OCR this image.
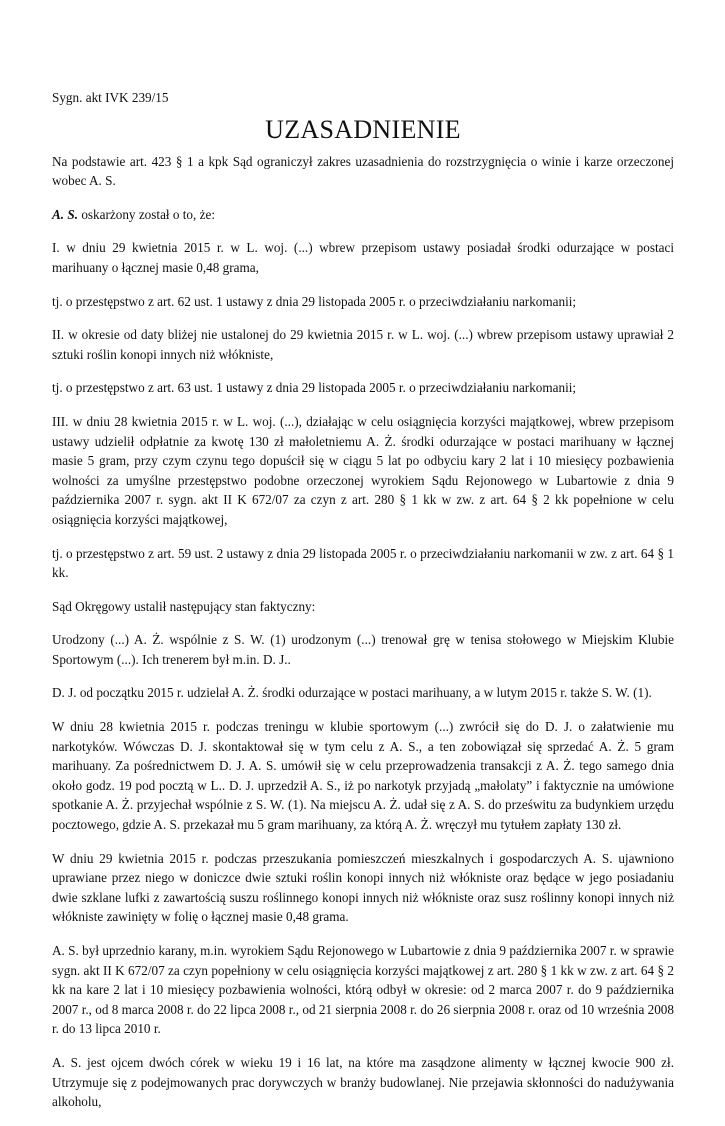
Sygn. akt IVK 239/15
UZASADNIENIE

Na podstawie art. 423 § 1 a kpk Sąd ograniczył zakres uzasadnienia do rozstrzygnięcia o winie i karze orzeczonej wobec A. S.

A. S. oskarżony został o to, że:

I. w dniu 29 kwietnia 2015 r. w L. woj. (...) wbrew przepisom ustawy posiadał środki odurzające w postaci marihuany o łącznej masie 0,48 grama,

tj. o przestępstwo z art. 62 ust. 1 ustawy z dnia 29 listopada 2005 r. o przeciwdziałaniu narkomanii;

II. w okresie od daty bliżej nie ustalonej do 29 kwietnia 2015 r. w L. woj. (...) wbrew przepisom ustawy uprawiał 2 sztuki roślin konopi innych niż włókniste,

tj. o przestępstwo z art. 63 ust. 1 ustawy z dnia 29 listopada 2005 r. o przeciwdziałaniu narkomanii;

III. w dniu 28 kwietnia 2015 r. w L. woj. (...), działając w celu osiągnięcia korzyści majątkowej, wbrew przepisom ustawy udzielił odpłatnie za kwotę 130 zł małoletniemu A. Ż. środki odurzające w postaci marihuany w łącznej masie 5 gram, przy czym czynu tego dopuścił się w ciągu 5 lat po odbyciu kary 2 lat i 10 miesięcy pozbawienia wolności za umyślne przestępstwo podobne orzeczonej wyrokiem Sądu Rejonowego w Lubartowie z dnia 9 października 2007 r. sygn. akt II K 672/07 za czyn z art. 280 § 1 kk w zw. z art. 64 § 2 kk popełnione w celu osiągnięcia korzyści majątkowej,

tj. o przestępstwo z art. 59 ust. 2 ustawy z dnia 29 listopada 2005 r. o przeciwdziałaniu narkomanii w zw. z art. 64 § 1 kk.

Sąd Okręgowy ustalił następujący stan faktyczny:

Urodzony (...) A. Ż. wspólnie z S. W. (1) urodzonym (...) trenował grę w tenisa stołowego w Miejskim Klubie Sportowym (...). Ich trenerem był m.in. D. J..

D. J. od początku 2015 r. udzielał A. Ż. środki odurzające w postaci marihuany, a w lutym 2015 r. także S. W. (1).

W dniu 28 kwietnia 2015 r. podczas treningu w klubie sportowym (...) zwrócił się do D. J. o załatwienie mu narkotyków. Wówczas D. J. skontaktował się w tym celu z A. S., a ten zobowiązał się sprzedać A. Ż. 5 gram marihuany. Za pośrednictwem D. J. A. S. umówił się w celu przeprowadzenia transakcji z A. Ż. tego samego dnia około godz. 19 pod pocztą w L.. D. J. uprzedził A. S., iż po narkotyk przyjadą „małolaty” i faktycznie na umówione spotkanie A. Ż. przyjechał wspólnie z S. W. (1). Na miejscu A. Ż. udał się z A. S. do prześwitu za budynkiem urzędu pocztowego, gdzie A. S. przekazał mu 5 gram marihuany, za którą A. Ż. wręczył mu tytułem zapłaty 130 zł.

W dniu 29 kwietnia 2015 r. podczas przeszukania pomieszczeń mieszkalnych i gospodarczych A. S. ujawniono uprawiane przez niego w doniczce dwie sztuki roślin konopi innych niż włókniste oraz będące w jego posiadaniu dwie szklane lufki z zawartością suszu roślinnego konopi innych niż włókniste oraz susz roślinny konopi innych niż włókniste zawinięty w folię o łącznej masie 0,48 grama.

A. S. był uprzednio karany, m.in. wyrokiem Sądu Rejonowego w Lubartowie z dnia 9 października 2007 r. w sprawie sygn. akt II K 672/07 za czyn popełniony w celu osiągnięcia korzyści majątkowej z art. 280 § 1 kk w zw. z art. 64 § 2 kk na kare 2 lat i 10 miesięcy pozbawienia wolności, którą odbył w okresie: od 2 marca 2007 r. do 9 października 2007 r., od 8 marca 2008 r. do 22 lipca 2008 r., od 21 sierpnia 2008 r. do 26 sierpnia 2008 r. oraz od 10 września 2008 r. do 13 lipca 2010 r.

A. S. jest ojcem dwóch córek w wieku 19 i 16 lat, na które ma zasądzone alimenty w łącznej kwocie 900 zł. Utrzymuje się z podejmowanych prac dorywczych w branży budowlanej. Nie przejawia skłonności do nadużywania alkoholu,
